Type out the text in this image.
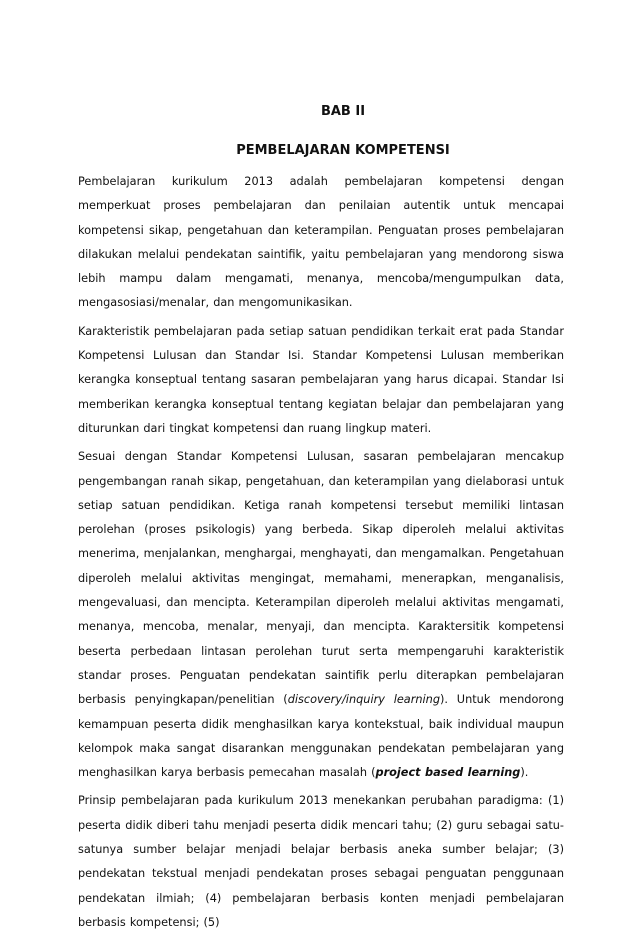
BAB II
PEMBELAJARAN KOMPETENSI

Pembelajaran kurikulum 2013 adalah pembelajaran kompetensi dengan memperkuat proses pembelajaran dan penilaian autentik untuk mencapai kompetensi sikap, pengetahuan dan keterampilan. Penguatan proses pembelajaran dilakukan melalui pendekatan saintifik, yaitu pembelajaran yang mendorong siswa lebih mampu dalam mengamati, menanya, mencoba/mengumpulkan data, mengasosiasi/menalar, dan mengomunikasikan.

Karakteristik pembelajaran pada setiap satuan pendidikan terkait erat pada Standar Kompetensi Lulusan dan Standar Isi. Standar Kompetensi Lulusan memberikan kerangka konseptual tentang sasaran pembelajaran yang harus dicapai. Standar Isi memberikan kerangka konseptual tentang kegiatan belajar dan pembelajaran yang diturunkan dari tingkat kompetensi dan ruang lingkup materi.

Sesuai dengan Standar Kompetensi Lulusan, sasaran pembelajaran mencakup pengembangan ranah sikap, pengetahuan, dan keterampilan yang dielaborasi untuk setiap satuan pendidikan. Ketiga ranah kompetensi tersebut memiliki lintasan perolehan (proses psikologis) yang berbeda. Sikap diperoleh melalui aktivitas menerima, menjalankan, menghargai, menghayati, dan mengamalkan. Pengetahuan diperoleh melalui aktivitas mengingat, memahami, menerapkan, menganalisis, mengevaluasi, dan mencipta. Keterampilan diperoleh melalui aktivitas mengamati, menanya, mencoba, menalar, menyaji, dan mencipta. Karaktersitik kompetensi beserta perbedaan lintasan perolehan turut serta mempengaruhi karakteristik standar proses. Penguatan pendekatan saintifik perlu diterapkan pembelajaran berbasis penyingkapan/penelitian (discovery/inquiry learning). Untuk mendorong kemampuan peserta didik menghasilkan karya kontekstual, baik individual maupun kelompok maka sangat disarankan menggunakan pendekatan pembelajaran yang menghasilkan karya berbasis pemecahan masalah (project based learning).

Prinsip pembelajaran pada kurikulum 2013 menekankan perubahan paradigma: (1) peserta didik diberi tahu menjadi peserta didik mencari tahu; (2) guru sebagai satu-satunya sumber belajar menjadi belajar berbasis aneka sumber belajar; (3) pendekatan tekstual menjadi pendekatan proses sebagai penguatan penggunaan pendekatan ilmiah; (4) pembelajaran berbasis konten menjadi pembelajaran berbasis kompetensi; (5)
